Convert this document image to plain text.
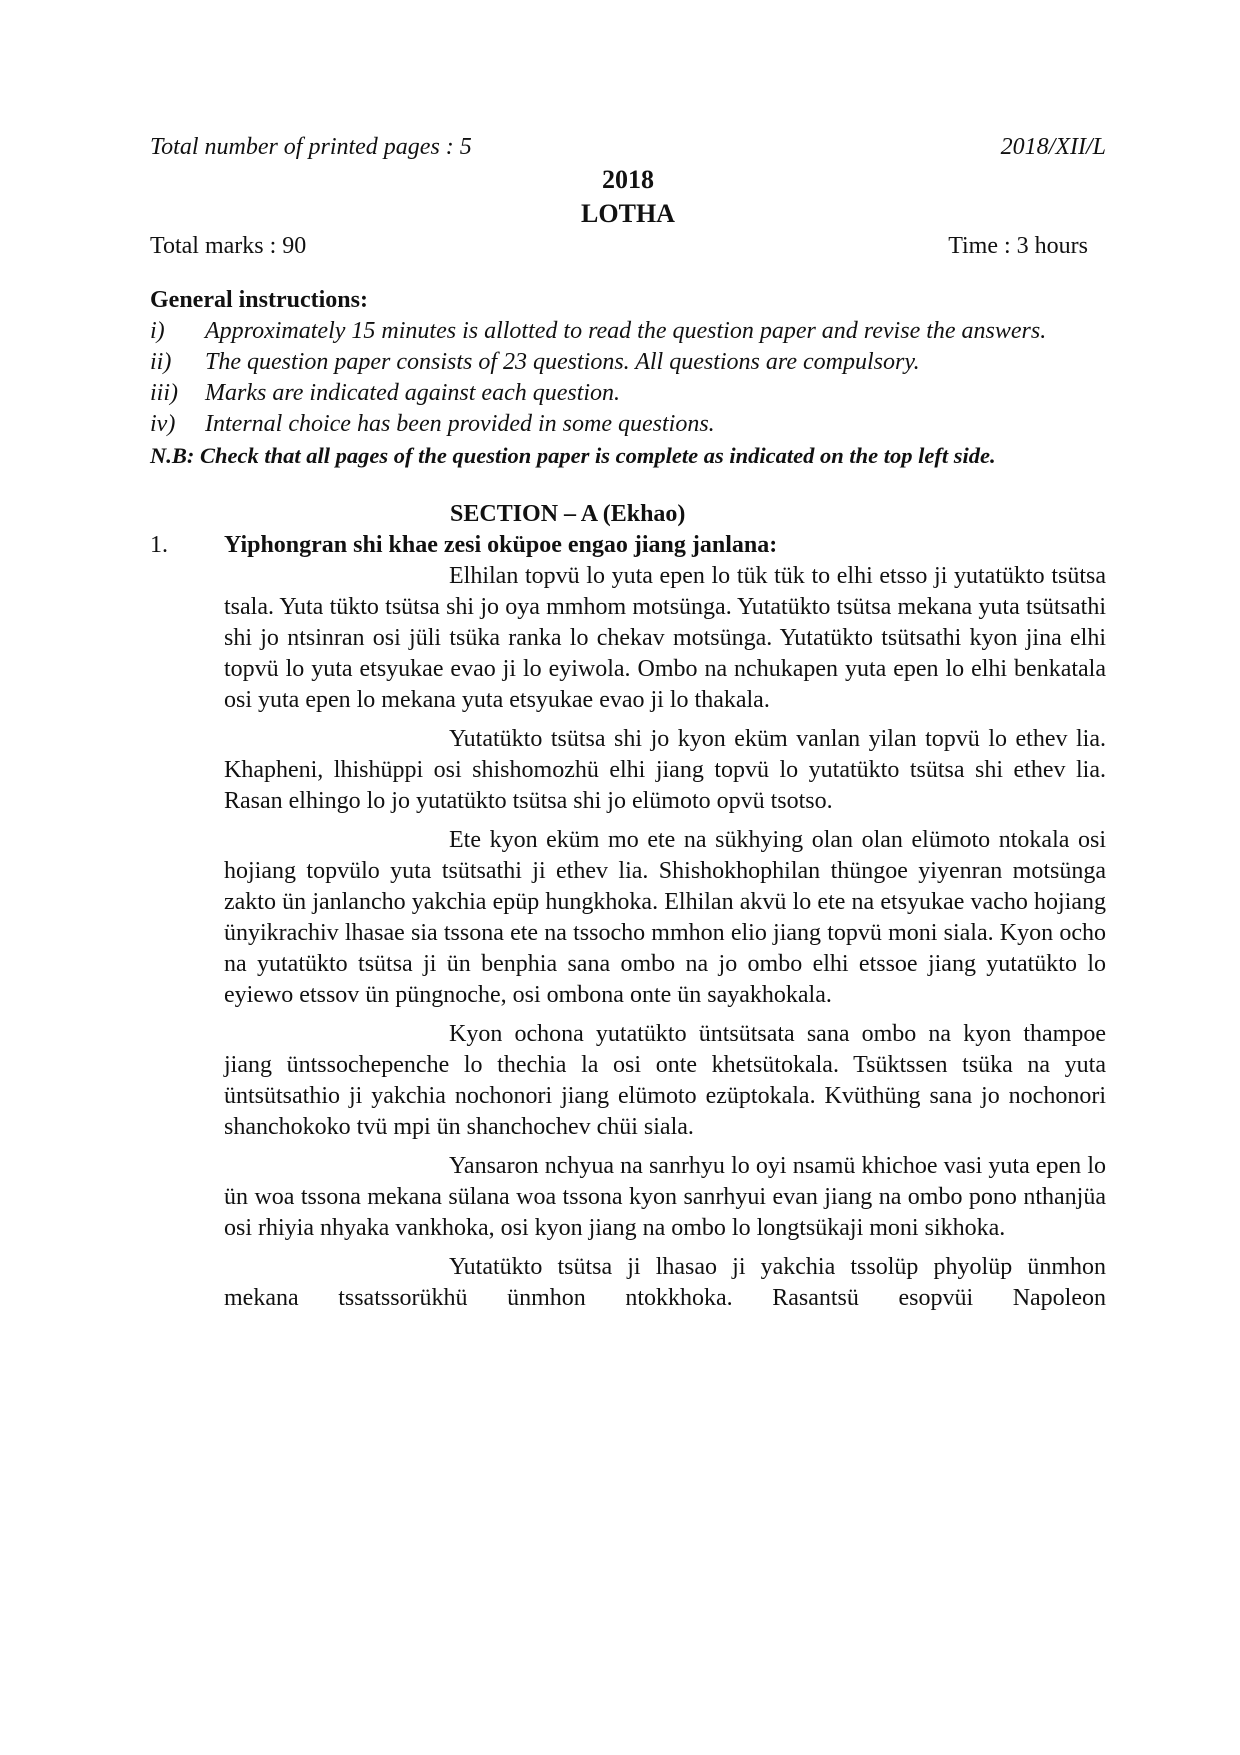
Total number of printed pages : 5	2018/XII/L
2018
LOTHA
Total marks : 90	Time : 3 hours
General instructions:
i)	Approximately 15 minutes is allotted to read the question paper and revise the answers.
ii)	The question paper consists of 23 questions. All questions are compulsory.
iii)	Marks are indicated against each question.
iv)	Internal choice has been provided in some questions.
N.B: Check that all pages of the question paper is complete as indicated on the top left side.
SECTION – A (Ekhao)
1.	Yiphongran shi khae zesi oküpoe engao jiang janlana:

Elhilan topvü lo yuta epen lo tük tük to elhi etsso ji yutatükto tsütsa tsala. Yuta tükto tsütsa shi jo oya mmhom motsünga. Yutatükto tsütsa mekana yuta tsütsathi shi jo ntsinran osi jüli tsüka ranka lo chekav motsünga. Yutatükto tsütsathi kyon jina elhi topvü lo yuta etsyukae evao ji lo eyiwola. Ombo na nchukapen yuta epen lo elhi benkatala osi yuta epen lo mekana yuta etsyukae evao ji lo thakala.

Yutatükto tsütsa shi jo kyon eküm vanlan yilan topvü lo ethev lia. Khapheni, lhishüppi osi shishomozhü elhi jiang topvü lo yutatükto tsütsa shi ethev lia. Rasan elhingo lo jo yutatükto tsütsa shi jo elümoto opvü tsotso.

Ete kyon eküm mo ete na sükhying olan olan elümoto ntokala osi hojiang topvülo yuta tsütsathi ji ethev lia. Shishokhophilan thüngoe yiyenran motsünga zakto ün janlancho yakchia epüp hungkhoka. Elhilan akvü lo ete na etsyukae vacho hojiang ünyikrachiv lhasae sia tssona ete na tssocho mmhon elio jiang topvü moni siala. Kyon ocho na yutatükto tsütsa ji ün benphia sana ombo na jo ombo elhi etssoe jiang yutatükto lo eyiewo etssov ün püngnoche, osi ombona onte ün sayakhokala.

Kyon ochona yutatükto üntsütsata sana ombo na kyon thampoe jiang üntssochepenche lo thechia la osi onte khetsütokala. Tsüktssen tsüka na yuta üntsütsathio ji yakchia nochonori jiang elümoto ezüptokala. Kvüthüng sana jo nochonori shanchokoko tvü mpi ün shanchochev chüi siala.

Yansaron nchyua na sanrhyu lo oyi nsamü khichoe vasi yuta epen lo ün woa tssona mekana sülana woa tssona kyon sanrhyui evan jiang na ombo pono nthanjüa osi rhiyia nhyaka vankhoka, osi kyon jiang na ombo lo longtsükaji moni sikhoka.

Yutatükto tsütsa ji lhasao ji yakchia tssolüp phyolüp ünmhon mekana tssatssorükhü ünmhon ntokkhoka. Rasantsü esopvüi Napoleon
